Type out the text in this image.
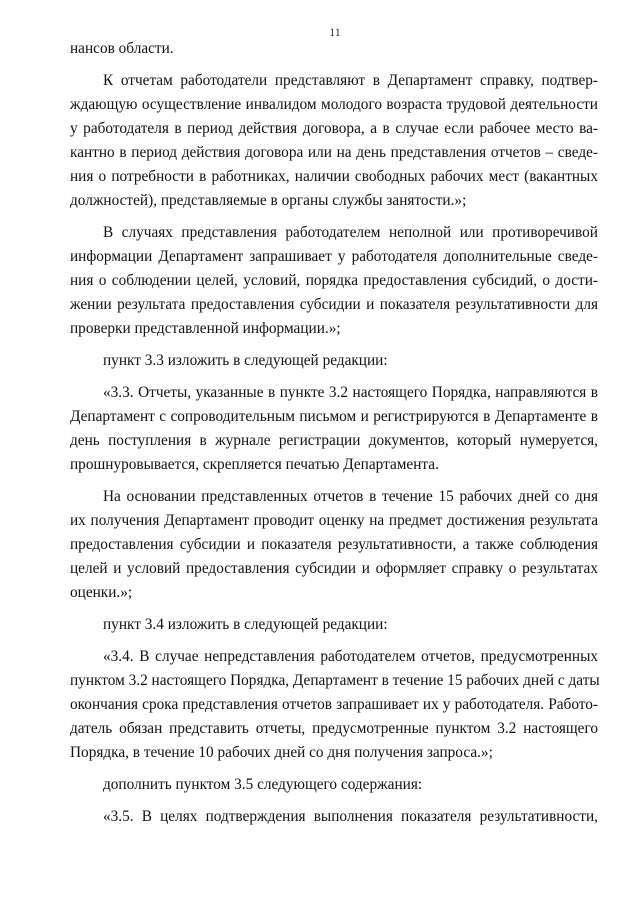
11

нансов области.

К отчетам работодатели представляют в Департамент справку, подтвер-
ждающую осуществление инвалидом молодого возраста трудовой деятельности
у работодателя в период действия договора, а в случае если рабочее место ва-
кантно в период действия договора или на день представления отчетов – сведе-
ния о потребности в работниках, наличии свободных рабочих мест (вакантных
должностей), представляемые в органы службы занятости.»;

В случаях представления работодателем неполной или противоречивой
информации Департамент запрашивает у работодателя дополнительные сведе-
ния о соблюдении целей, условий, порядка предоставления субсидий, о дости-
жении результата предоставления субсидии и показателя результативности для
проверки представленной информации.»;

пункт 3.3 изложить в следующей редакции:

«3.3. Отчеты, указанные в пункте 3.2 настоящего Порядка, направляются в
Департамент с сопроводительным письмом и регистрируются в Департаменте в
день поступления в журнале регистрации документов, который нумеруется,
прошнуровывается, скрепляется печатью Департамента.

На основании представленных отчетов в течение 15 рабочих дней со дня
их получения Департамент проводит оценку на предмет достижения результата
предоставления субсидии и показателя результативности, а также соблюдения
целей и условий предоставления субсидии и оформляет справку о результатах
оценки.»;

пункт 3.4 изложить в следующей редакции:

«3.4. В случае непредставления работодателем отчетов, предусмотренных
пунктом 3.2 настоящего Порядка, Департамент в течение 15 рабочих дней с даты
окончания срока представления отчетов запрашивает их у работодателя. Работо-
датель обязан представить отчеты, предусмотренные пунктом 3.2 настоящего
Порядка, в течение 10 рабочих дней со дня получения запроса.»;

дополнить пунктом 3.5 следующего содержания:

«3.5. В целях подтверждения выполнения показателя результативности,
